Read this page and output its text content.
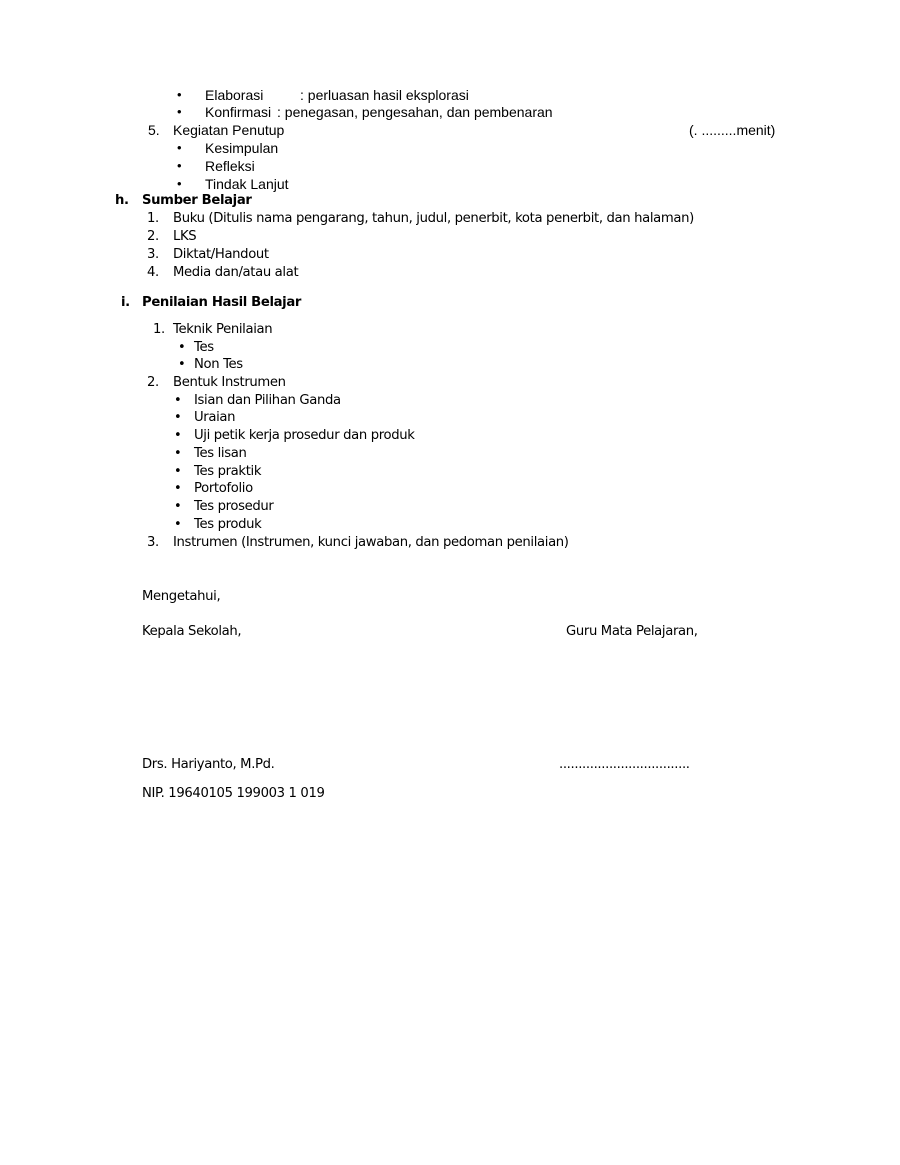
• Elaborasi	: perluasan hasil eksplorasi
• Konfirmasi : penegasan, pengesahan, dan pembenaran
5. Kegiatan Penutup	(. .........menit)
• Kesimpulan
• Refleksi
• Tindak Lanjut
h. Sumber Belajar
1. Buku (Ditulis nama pengarang, tahun, judul, penerbit, kota penerbit, dan halaman)
2. LKS
3. Diktat/Handout
4. Media dan/atau alat
i. Penilaian Hasil Belajar
1. Teknik Penilaian
• Tes
• Non Tes
2. Bentuk Instrumen
• Isian dan Pilihan Ganda
• Uraian
• Uji petik kerja prosedur dan produk
• Tes lisan
• Tes praktik
• Portofolio
• Tes prosedur
• Tes produk
3. Instrumen (Instrumen, kunci jawaban, dan pedoman penilaian)
Mengetahui,
Kepala Sekolah,	Guru Mata Pelajaran,
Drs. Hariyanto, M.Pd.	..................................
NIP. 19640105 199003 1 019
